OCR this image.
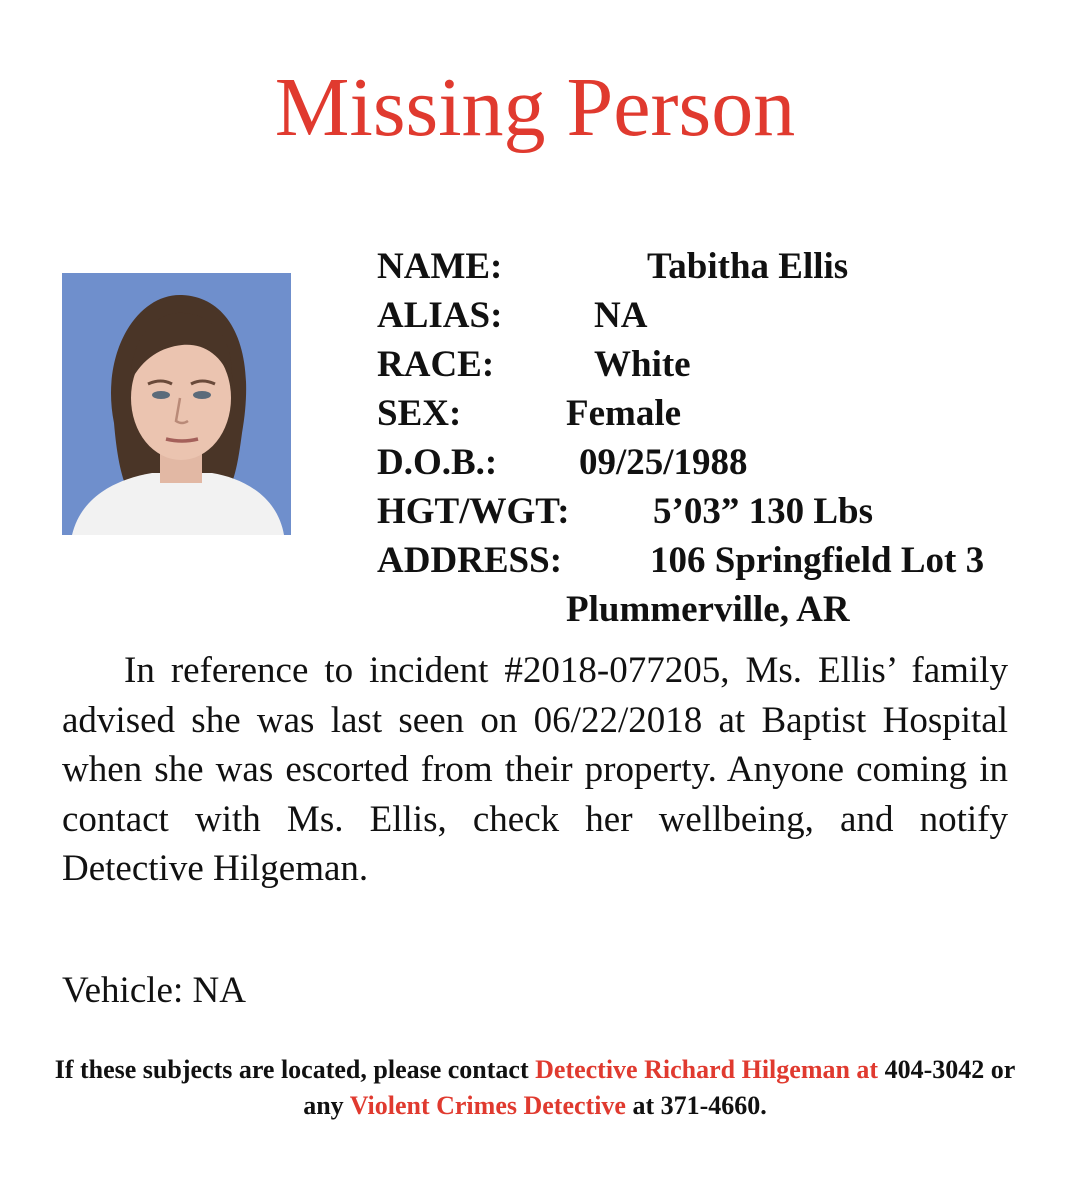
Missing Person
NAME:	Tabitha Ellis
ALIAS: NA
RACE:	White
SEX:	Female
D.O.B.: 09/25/1988
HGT/WGT: 5’03” 130 Lbs
ADDRESS: 106 Springfield Lot 3
Plummerville, AR

In reference to incident #2018-077205, Ms. Ellis’ family advised she was last seen on 06/22/2018 at Baptist Hospital when she was escorted from their property. Anyone coming in contact with Ms. Ellis, check her wellbeing, and notify Detective Hilgeman.

Vehicle: NA
If these subjects are located, please contact Detective Richard Hilgeman at 404-3042 or any Violent Crimes Detective at 371-4660.
